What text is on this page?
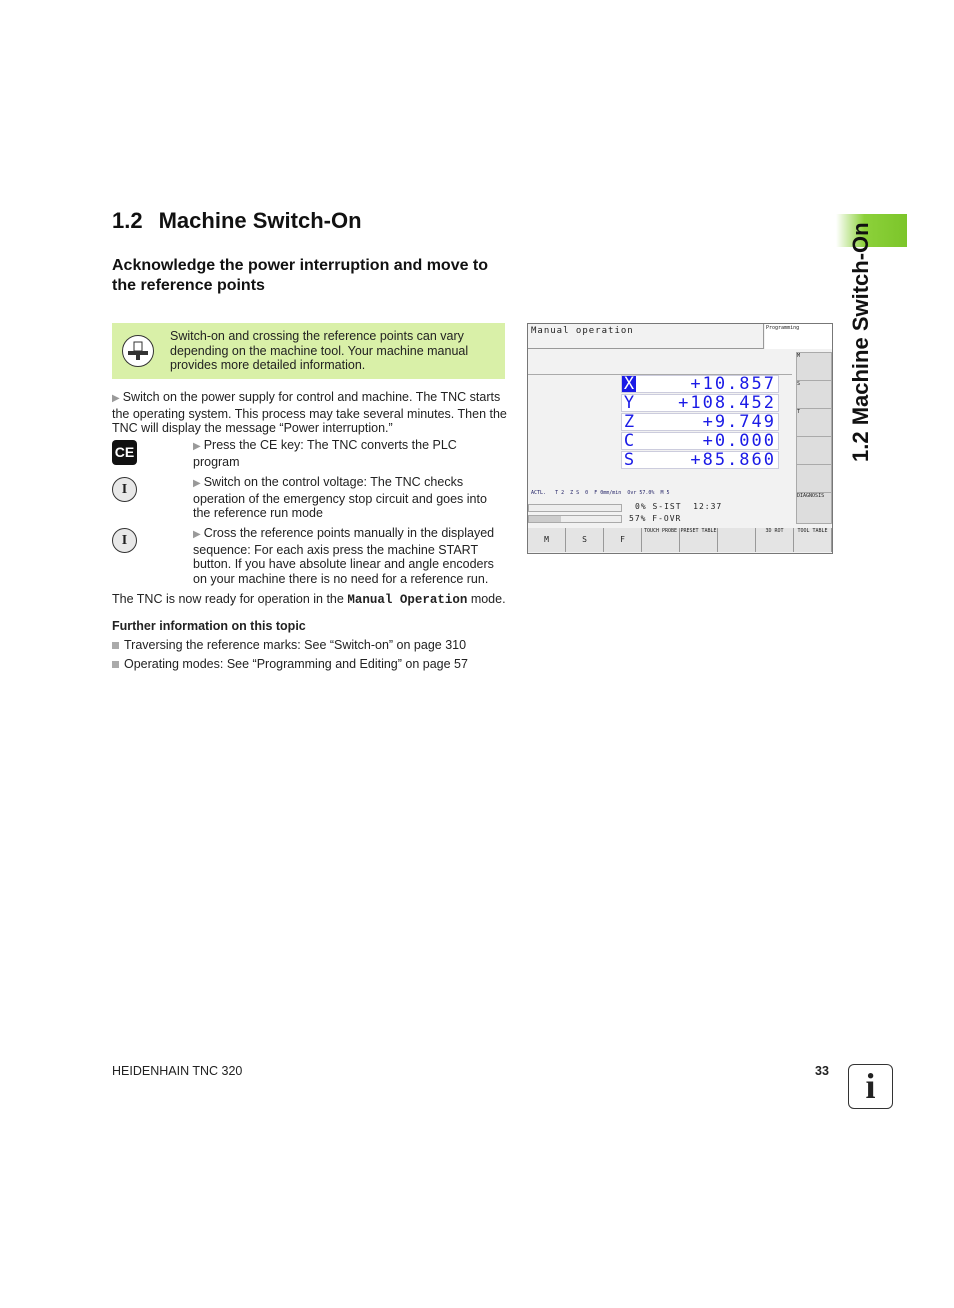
1.2 Machine Switch-On
Acknowledge the power interruption and move to the reference points
Switch-on and crossing the reference points can vary depending on the machine tool. Your machine manual provides more detailed information.
▶ Switch on the power supply for control and machine. The TNC starts the operating system. This process may take several minutes. Then the TNC will display the message “Power interruption.”
CE	▶ Press the CE key: The TNC converts the PLC program
I	▶ Switch on the control voltage: The TNC checks operation of the emergency stop circuit and goes into the reference run mode
I	▶ Cross the reference points manually in the displayed sequence: For each axis press the machine START button. If you have absolute linear and angle encoders on your machine there is no need for a reference run.
The TNC is now ready for operation in the Manual Operation mode.
Further information on this topic
Traversing the reference marks: See “Switch-on” on page 310
Operating modes: See “Programming and Editing” on page 57
Manual operation	Programming
X	+10.857
Y	+108.452
Z	+9.749
C	+0.000
S	+85.860
ACTL.   T 2  Z S  0  F 0mm/min  Ovr 57.0%  M 5
0% S-IST  12:37
57% F-OVR
M
S
T
DIAGNOSIS
M	S	F
TOUCH PROBE PRESET TABLE	3D ROT	TOOL TABLE
1.2 Machine Switch-On
HEIDENHAIN TNC 320	33	i
